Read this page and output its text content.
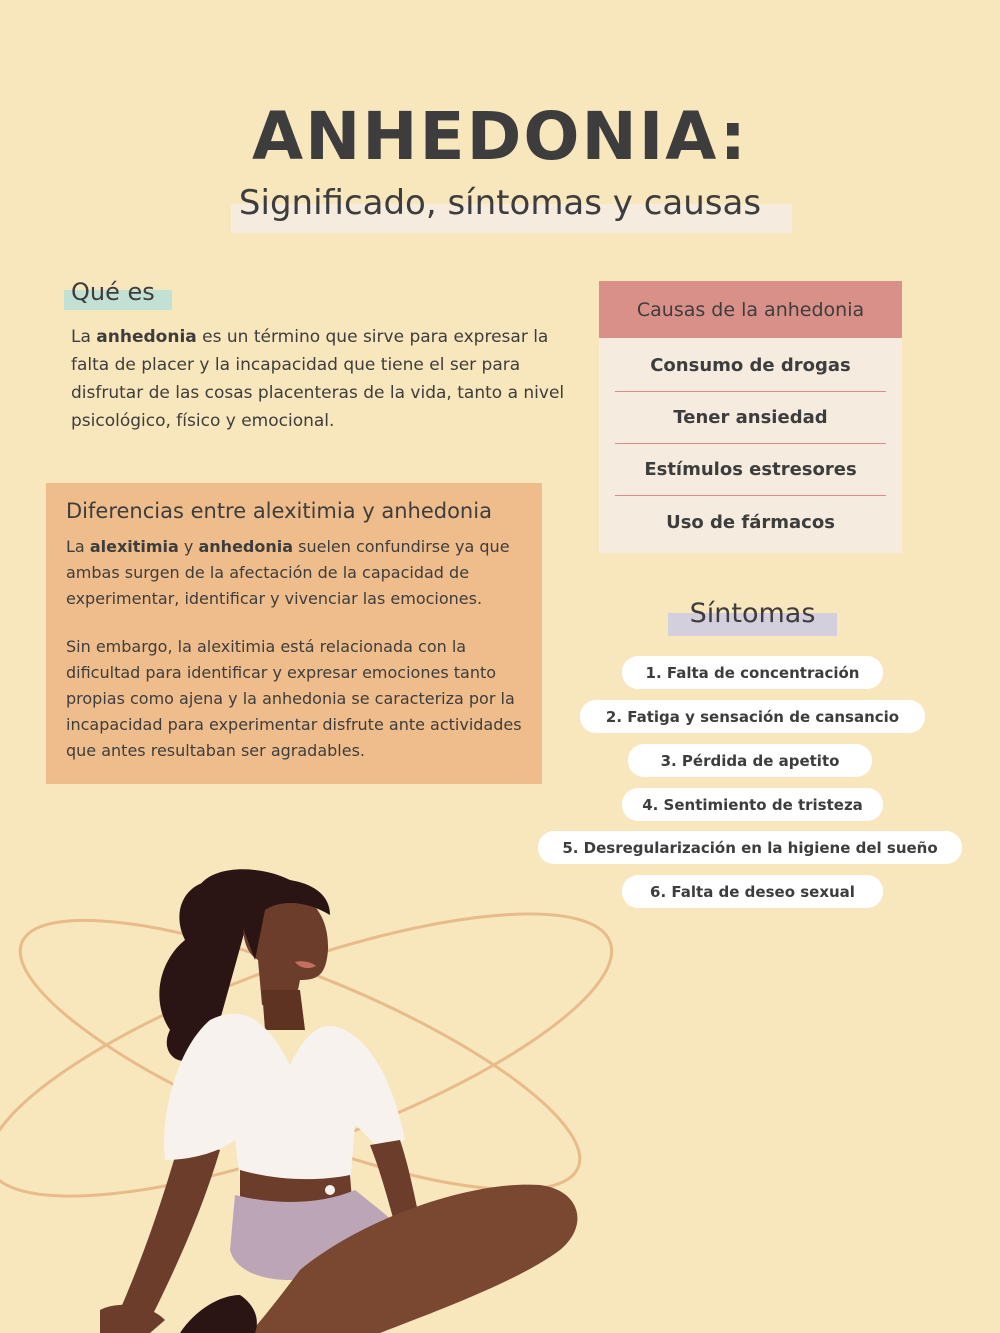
ANHEDONIA:
Significado, síntomas y causas
Qué es

La anhedonia es un término que sirve para expresar la falta de placer y la incapacidad que tiene el ser para disfrutar de las cosas placenteras de la vida, tanto a nivel psicológico, físico y emocional.

Diferencias entre alexitimia y anhedonia

La alexitimia y anhedonia suelen confundirse ya que ambas surgen de la afectación de la capacidad de experimentar, identificar y vivenciar las emociones.

Sin embargo, la alexitimia está relacionada con la dificultad para identificar y expresar emociones tanto propias como ajena y la anhedonia se caracteriza por la incapacidad para experimentar disfrute ante actividades que antes resultaban ser agradables.

Causas de la anhedonia
Consumo de drogas
Tener ansiedad
Estímulos estresores
Uso de fármacos
Síntomas
1. Falta de concentración
2. Fatiga y sensación de cansancio
3. Pérdida de apetito
4. Sentimiento de tristeza
5. Desregularización en la higiene del sueño
6. Falta de deseo sexual
